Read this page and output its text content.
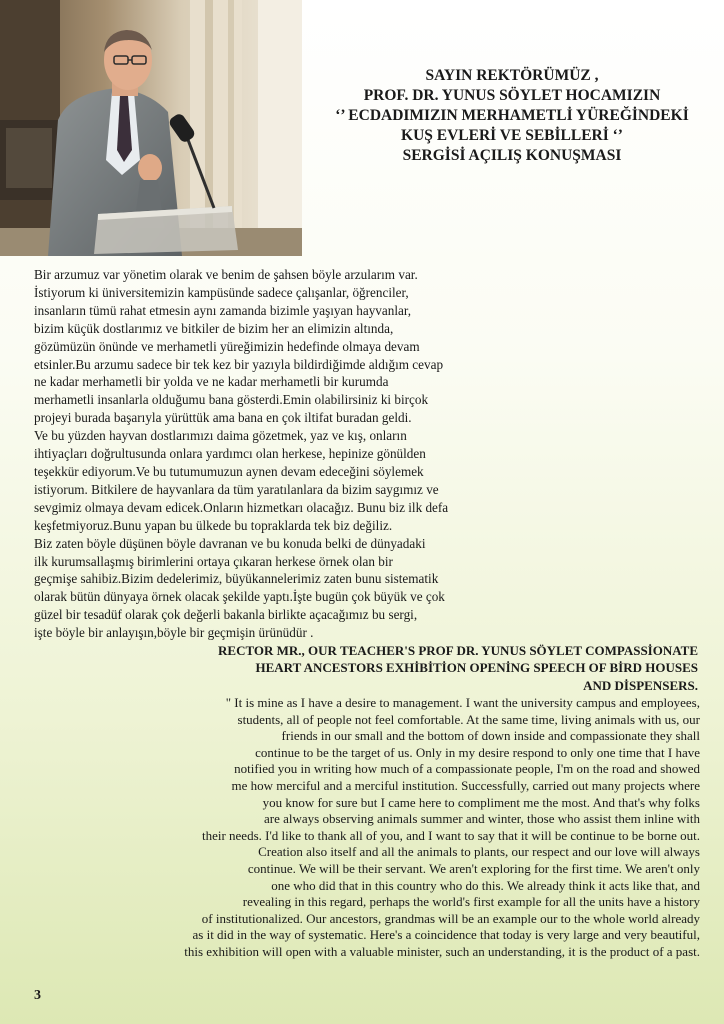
SAYIN REKTÖRÜMÜZ ,
PROF. DR. YUNUS SÖYLET HOCAMIZIN
‘’ ECDADIMIZIN MERHAMETLİ YÜREĞİNDEKİ
KUŞ EVLERİ VE SEBİLLERİ ‘’
SERGİSİ AÇILIŞ KONUŞMASI
Bir arzumuz var yönetim olarak ve benim de şahsen böyle arzularım var.
İstiyorum ki üniversitemizin kampüsünde sadece çalışanlar, öğrenciler,
insanların tümü rahat etmesin aynı zamanda bizimle yaşıyan hayvanlar,
bizim küçük dostlarımız ve bitkiler de bizim her an elimizin altında,
gözümüzün önünde ve merhametli yüreğimizin hedefinde olmaya devam
etsinler.Bu arzumu sadece bir tek kez bir yazıyla bildirdiğimde aldığım cevap
ne kadar merhametli bir yolda ve ne kadar merhametli bir kurumda
merhametli insanlarla olduğumu bana gösterdi.Emin olabilirsiniz ki birçok
projeyi burada başarıyla yürüttük ama bana en çok iltifat buradan geldi.
Ve bu yüzden hayvan dostlarımızı daima gözetmek, yaz ve kış, onların
ihtiyaçları doğrultusunda onlara yardımcı olan herkese, hepinize gönülden
teşekkür ediyorum.Ve bu tutumumuzun aynen devam edeceğini söylemek
istiyorum. Bitkilere de hayvanlara da tüm yaratılanlara da bizim saygımız ve
sevgimiz olmaya devam edicek.Onların hizmetkarı olacağız. Bunu biz ilk defa
keşfetmiyoruz.Bunu yapan bu ülkede bu topraklarda tek biz değiliz.
Biz zaten böyle düşünen böyle davranan ve bu konuda belki de dünyadaki
ilk kurumsallaşmış birimlerini ortaya çıkaran herkese örnek olan bir
geçmişe sahibiz.Bizim dedelerimiz, büyükannelerimiz zaten bunu sistematik
olarak bütün dünyaya örnek olacak şekilde yaptı.İşte bugün çok büyük ve çok
güzel bir tesadüf olarak çok değerli bakanla birlikte açacağımız bu sergi,
işte böyle bir anlayışın,böyle bir geçmişin ürünüdür .
RECTOR MR., OUR TEACHER'S PROF DR. YUNUS SÖYLET COMPASSİONATE
HEART ANCESTORS EXHİBİTİON OPENİNG SPEECH OF BİRD HOUSES
AND DİSPENSERS.
" It is mine as I have a desire to management. I want the university campus and employees,
students, all of people not feel comfortable. At the same time, living animals with us, our
friends in our small and the bottom of down inside and compassionate they shall
continue to be the target of us. Only in my desire respond to only one time that I have
notified you in writing how much of a compassionate people, I'm on the road and showed
me how merciful and a merciful institution. Successfully, carried out many projects where
you know for sure but I came here to compliment me the most. And that's why folks
are always observing animals summer and winter, those who assist them inline with
their needs. I'd like to thank all of you, and I want to say that it will be continue to be borne out.
Creation also itself and all the animals to plants, our respect and our love will always
continue. We will be their servant. We aren't exploring for the first time. We aren't only
one who did that in this country who do this. We already think it acts like that, and
revealing in this regard, perhaps the world's first example for all the units have a history
of institutionalized. Our ancestors, grandmas will be an example our to the whole world already
as it did in the way of systematic. Here's a coincidence that today is very large and very beautiful,
this exhibition will open with a valuable minister, such an understanding, it is the product of a past.
3
